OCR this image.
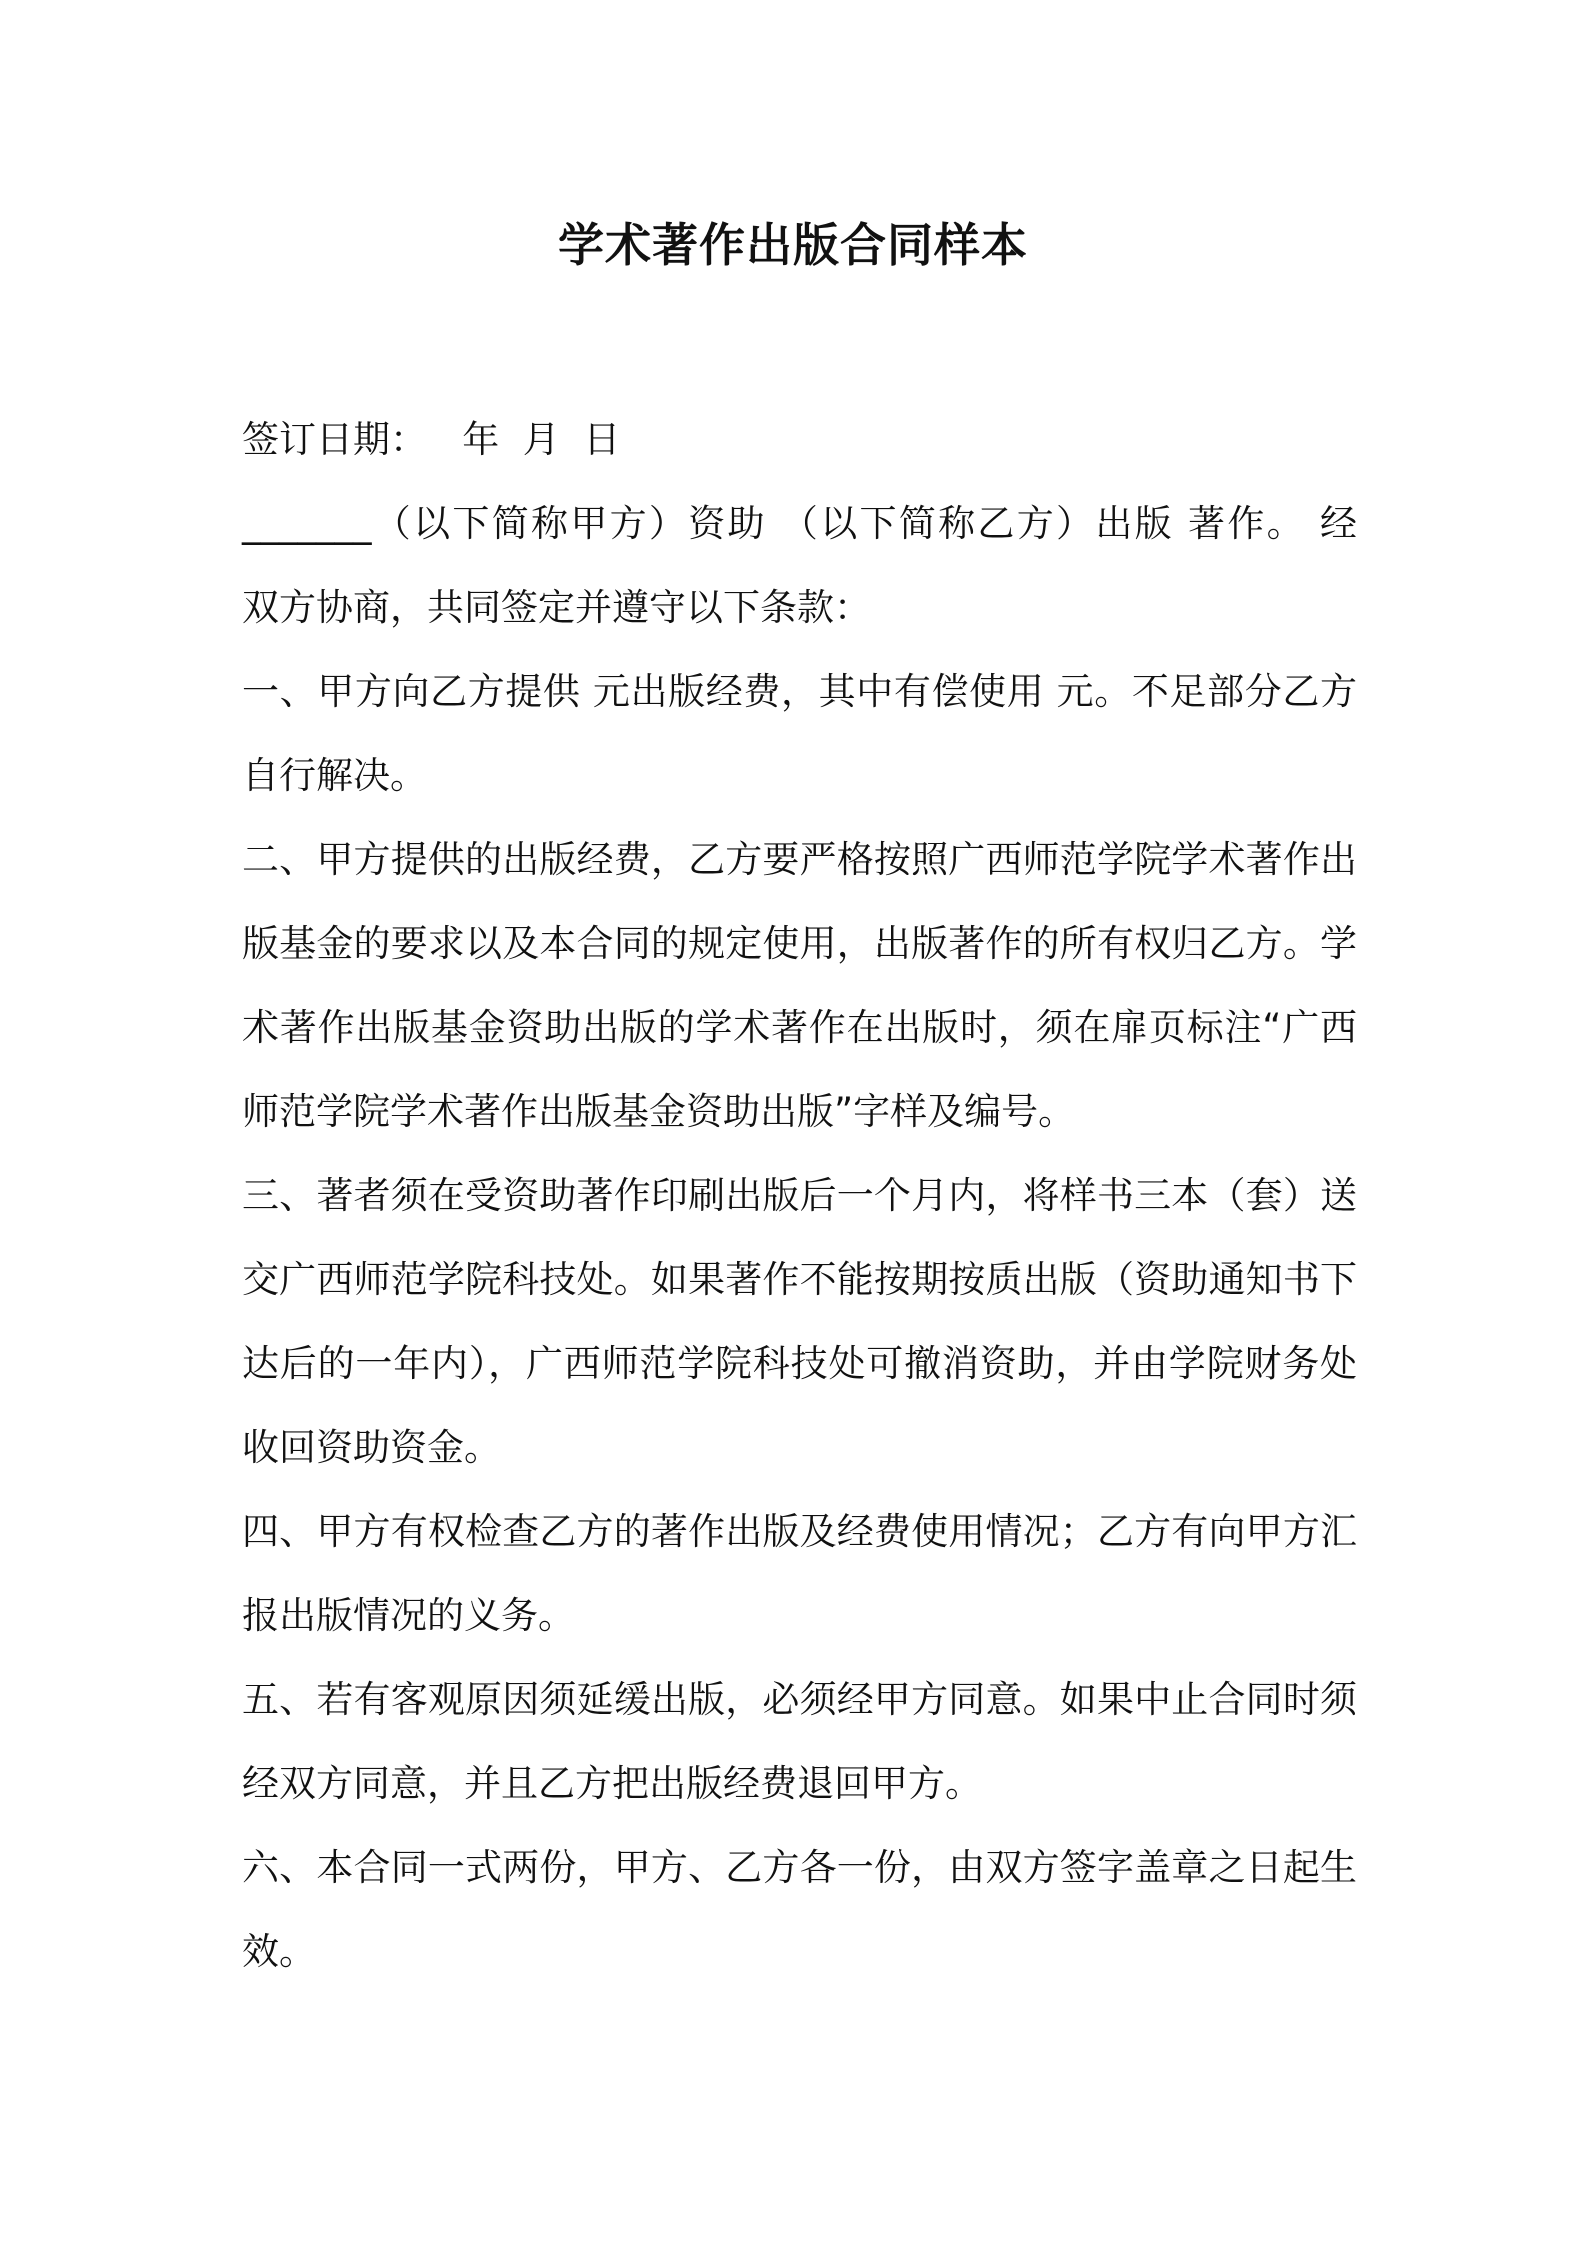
学术著作出版合同样本
签订日期：   年  月  日
_______（以下简称甲方）资助 （以下简称乙方）出版 著作。 经
双方协商，共同签定并遵守以下条款：
一、甲方向乙方提供 元出版经费，其中有偿使用 元。不足部分乙方
自行解决。
二、甲方提供的出版经费，乙方要严格按照广西师范学院学术著作出
版基金的要求以及本合同的规定使用，出版著作的所有权归乙方。学
术著作出版基金资助出版的学术著作在出版时，须在扉页标注“广西
师范学院学术著作出版基金资助出版”字样及编号。
三、著者须在受资助著作印刷出版后一个月内，将样书三本（套）送
交广西师范学院科技处。如果著作不能按期按质出版（资助通知书下
达后的一年内），广西师范学院科技处可撤消资助，并由学院财务处
收回资助资金。
四、甲方有权检查乙方的著作出版及经费使用情况；乙方有向甲方汇
报出版情况的义务。
五、若有客观原因须延缓出版，必须经甲方同意。如果中止合同时须
经双方同意，并且乙方把出版经费退回甲方。
六、本合同一式两份，甲方、乙方各一份，由双方签字盖章之日起生
效。
